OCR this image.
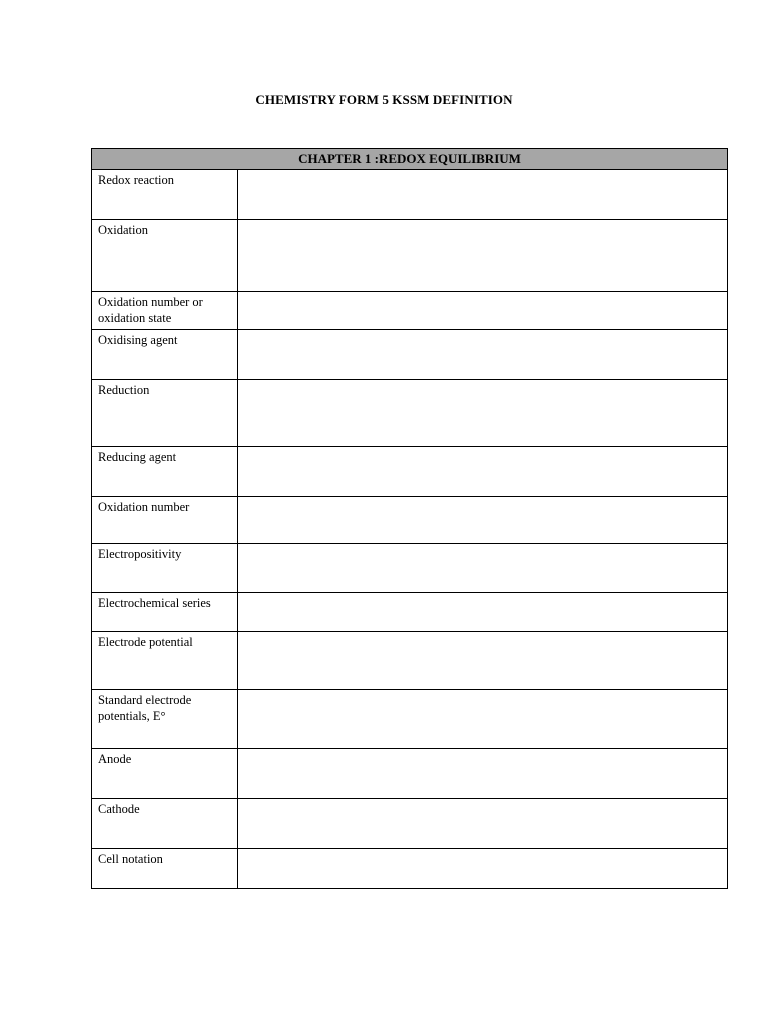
CHEMISTRY FORM 5 KSSM DEFINITION
CHAPTER 1 :REDOX EQUILIBRIUM	
Redox reaction	
Oxidation	
Oxidation number or oxidation state	
Oxidising agent	
Reduction	
Reducing agent	
Oxidation number	
Electropositivity	
Electrochemical series	
Electrode potential	
Standard electrode potentials, E°	
Anode	
Cathode	
Cell notation	
